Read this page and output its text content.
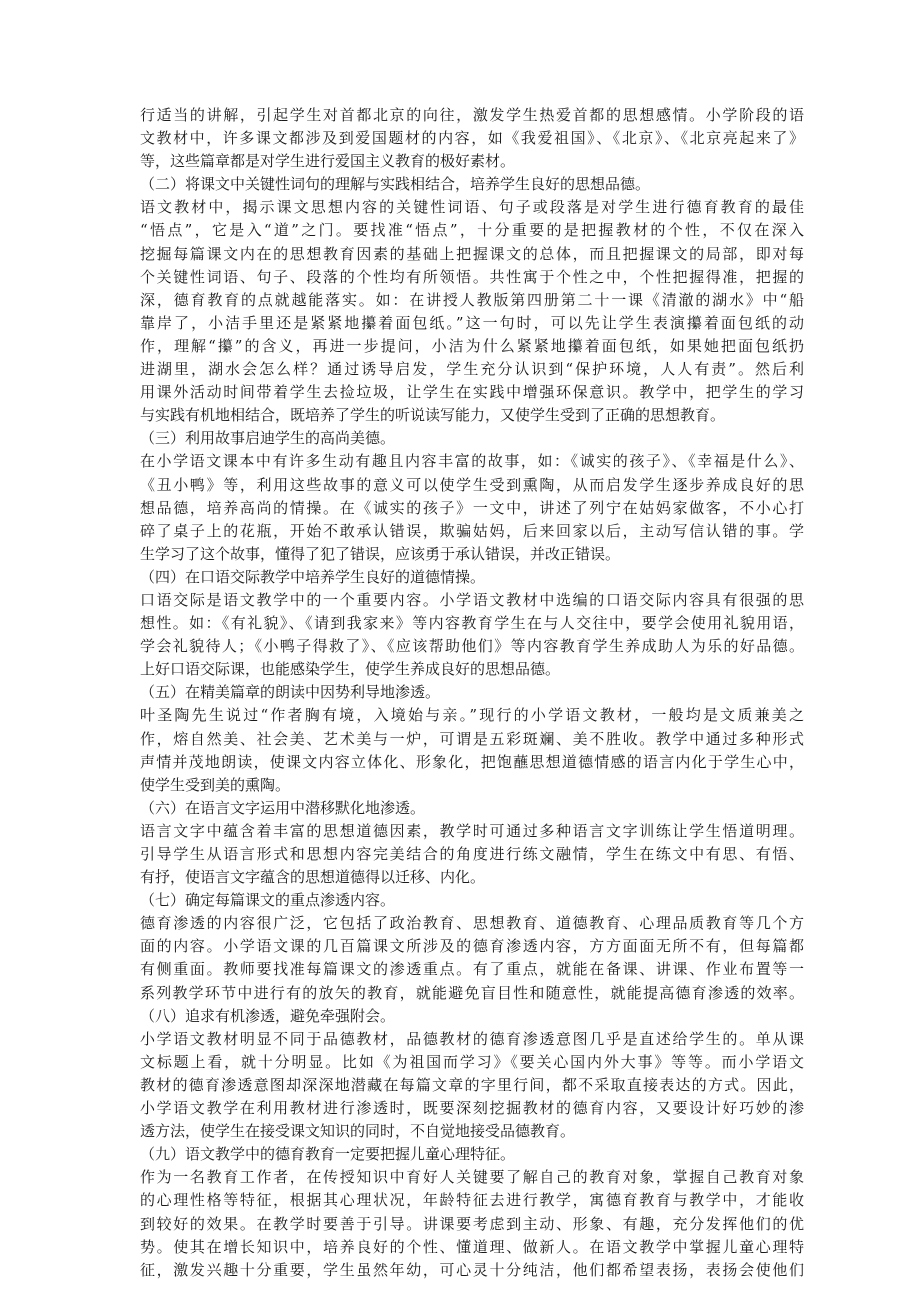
行适当的讲解，引起学生对首都北京的向往，激发学生热爱首都的思想感情。小学阶段的语
文教材中，许多课文都涉及到爱国题材的内容，如《我爱祖国》、《北京》、《北京亮起来了》
等，这些篇章都是对学生进行爱国主义教育的极好素材。
（二）将课文中关键性词句的理解与实践相结合，培养学生良好的思想品德。
语文教材中，揭示课文思想内容的关键性词语、句子或段落是对学生进行德育教育的最佳
“悟点”，它是入“道”之门。要找准“悟点”，十分重要的是把握教材的个性，不仅在深入
挖掘每篇课文内在的思想教育因素的基础上把握课文的总体，而且把握课文的局部，即对每
个关键性词语、句子、段落的个性均有所领悟。共性寓于个性之中，个性把握得准，把握的
深，德育教育的点就越能落实。如：在讲授人教版第四册第二十一课《清澈的湖水》中“船
靠岸了，小洁手里还是紧紧地攥着面包纸。”这一句时，可以先让学生表演攥着面包纸的动
作，理解“攥”的含义，再进一步提问，小洁为什么紧紧地攥着面包纸，如果她把面包纸扔
进湖里，湖水会怎么样？通过诱导启发，学生充分认识到“保护环境，人人有责”。然后利
用课外活动时间带着学生去捡垃圾，让学生在实践中增强环保意识。教学中，把学生的学习
与实践有机地相结合，既培养了学生的听说读写能力，又使学生受到了正确的思想教育。
（三）利用故事启迪学生的高尚美德。
在小学语文课本中有许多生动有趣且内容丰富的故事，如：《诚实的孩子》、《幸福是什么》、
《丑小鸭》等，利用这些故事的意义可以使学生受到熏陶，从而启发学生逐步养成良好的思
想品德，培养高尚的情操。在《诚实的孩子》一文中，讲述了列宁在姑妈家做客，不小心打
碎了桌子上的花瓶，开始不敢承认错误，欺骗姑妈，后来回家以后，主动写信认错的事。学
生学习了这个故事，懂得了犯了错误，应该勇于承认错误，并改正错误。
（四）在口语交际教学中培养学生良好的道德情操。
口语交际是语文教学中的一个重要内容。小学语文教材中选编的口语交际内容具有很强的思
想性。如：《有礼貌》、《请到我家来》等内容教育学生在与人交往中，要学会使用礼貌用语，
学会礼貌待人；《小鸭子得救了》、《应该帮助他们》等内容教育学生养成助人为乐的好品德。
上好口语交际课，也能感染学生，使学生养成良好的思想品德。
（五）在精美篇章的朗读中因势利导地渗透。
叶圣陶先生说过“作者胸有境，入境始与亲。”现行的小学语文教材，一般均是文质兼美之
作，熔自然美、社会美、艺术美与一炉，可谓是五彩斑斓、美不胜收。教学中通过多种形式
声情并茂地朗读，使课文内容立体化、形象化，把饱蘸思想道德情感的语言内化于学生心中，
使学生受到美的熏陶。
（六）在语言文字运用中潜移默化地渗透。
语言文字中蕴含着丰富的思想道德因素，教学时可通过多种语言文字训练让学生悟道明理。
引导学生从语言形式和思想内容完美结合的角度进行练文融情，学生在练文中有思、有悟、
有抒，使语言文字蕴含的思想道德得以迁移、内化。
（七）确定每篇课文的重点渗透内容。
德育渗透的内容很广泛，它包括了政治教育、思想教育、道德教育、心理品质教育等几个方
面的内容。小学语文课的几百篇课文所涉及的德育渗透内容，方方面面无所不有，但每篇都
有侧重面。教师要找准每篇课文的渗透重点。有了重点，就能在备课、讲课、作业布置等一
系列教学环节中进行有的放矢的教育，就能避免盲目性和随意性，就能提高德育渗透的效率。
（八）追求有机渗透，避免牵强附会。
小学语文教材明显不同于品德教材，品德教材的德育渗透意图几乎是直述给学生的。单从课
文标题上看，就十分明显。比如《为祖国而学习》《要关心国内外大事》等等。而小学语文
教材的德育渗透意图却深深地潜藏在每篇文章的字里行间，都不采取直接表达的方式。因此，
小学语文教学在利用教材进行渗透时，既要深刻挖掘教材的德育内容，又要设计好巧妙的渗
透方法，使学生在接受课文知识的同时，不自觉地接受品德教育。
（九）语文教学中的德育教育一定要把握儿童心理特征。
作为一名教育工作者，在传授知识中育好人关键要了解自己的教育对象，掌握自己教育对象
的心理性格等特征，根据其心理状况，年龄特征去进行教学，寓德育教育与教学中，才能收
到较好的效果。在教学时要善于引导。讲课要考虑到主动、形象、有趣，充分发挥他们的优
势。使其在增长知识中，培养良好的个性、懂道理、做新人。在语文教学中掌握儿童心理特
征，激发兴趣十分重要，学生虽然年幼，可心灵十分纯洁，他们都希望表扬，表扬会使他们
